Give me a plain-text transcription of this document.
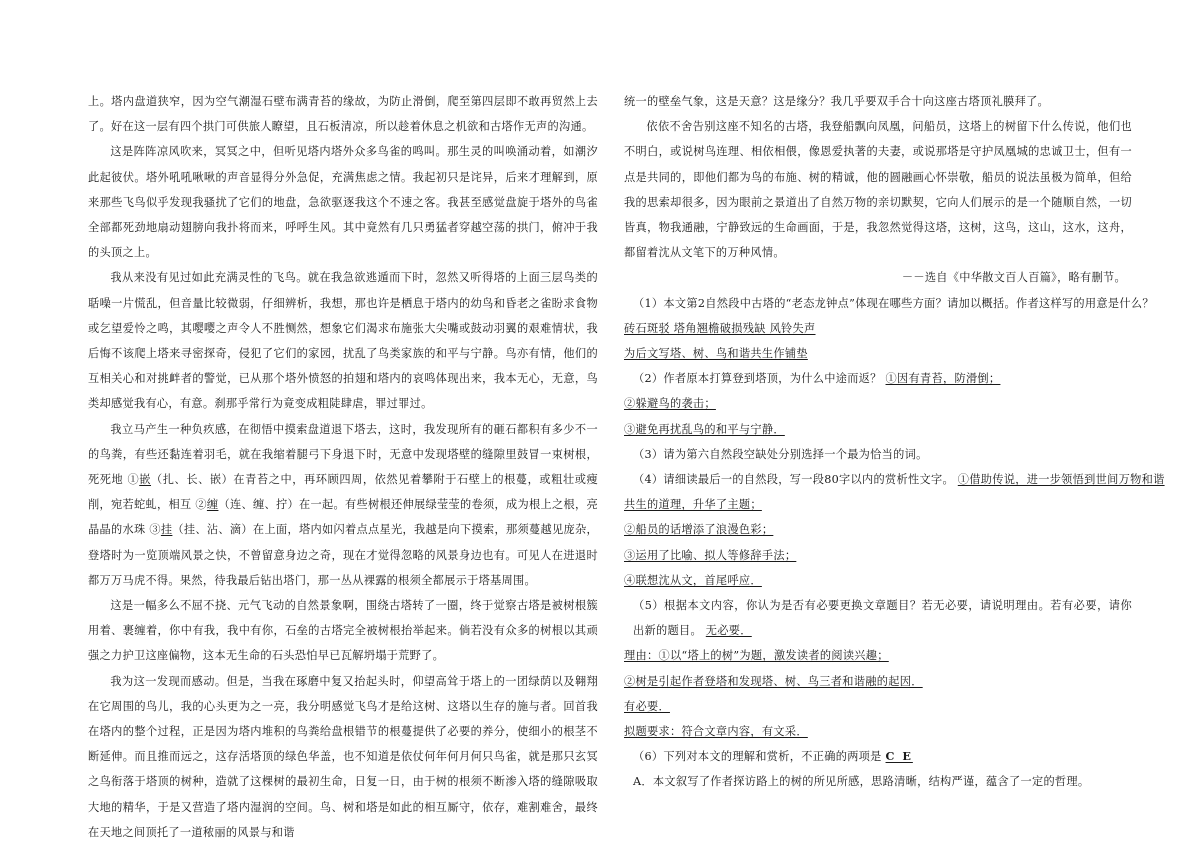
上。塔内盘道狭窄，因为空气潮湿石壁布满青苔的缘故，为防止滑倒，爬至第四层即不敢再贸然上去了。好在这一层有四个拱门可供旅人瞭望，且石板清凉，所以趁着休息之机欲和古塔作无声的沟通。

这是阵阵凉风吹来，冥冥之中，但听见塔内塔外众多鸟雀的鸣叫。那生灵的叫唤涌动着，如潮汐此起彼伏。塔外吼吼啾啾的声音显得分外急促，充满焦虑之情。我起初只是诧异，后来才理解到，原来那些飞鸟似乎发现我骚扰了它们的地盘，急欲驱逐我这个不速之客。我甚至感觉盘旋于塔外的鸟雀全部都死劲地扇动翅膀向我扑将而来，呼呼生风。其中竟然有几只勇猛者穿越空荡的拱门，俯冲于我的头顶之上。

我从来没有见过如此充满灵性的飞鸟。就在我急欲逃遁而下时，忽然又听得塔的上面三层鸟类的聒噪一片慌乱，但音量比较微弱，仔细辨析，我想，那也许是栖息于塔内的幼鸟和昏老之雀盼求食物或乞望爱怜之鸣，其嘤嘤之声令人不胜恻然，想象它们渴求布施张大尖嘴或鼓动羽翼的艰难情状，我后悔不该爬上塔来寻密探奇，侵犯了它们的家园，扰乱了鸟类家族的和平与宁静。鸟亦有情，他们的互相关心和对挑衅者的警觉，已从那个塔外愤怒的拍翅和塔内的哀鸣体现出来，我本无心，无意，鸟类却感觉我有心，有意。刹那乎常行为竟变成粗陡肆虐，罪过罪过。

我立马产生一种负疚感，在彻悟中摸索盘道退下塔去，这时，我发现所有的砸石都积有多少不一的鸟粪，有些还黏连着羽毛，就在我缩着腿弓下身退下时，无意中发现塔壁的缝隙里鼓冒一束树根，死死地 ①嵌（扎、长、嵌）在青苔之中，再环顾四周，依然见着攀附于石壁上的根蔓，或粗壮或瘦削，宛若蛇虬，相互 ②缠（连、缠、拧）在一起。有些树根还伸展绿莹莹的卷须，成为根上之根，亮晶晶的水珠 ③挂（挂、沾、滴）在上面，塔内如闪着点点星光，我越是向下摸索，那须蔓越见庞杂，登塔时为一览顶端风景之快，不曾留意身边之奇，现在才觉得忽略的风景身边也有。可见人在进退时都万万马虎不得。果然，待我最后钻出塔门，那一丛从裸露的根须全都展示于塔基周围。

这是一幅多么不屈不挠、元气飞动的自然景象啊，围绕古塔转了一圈，终于觉察古塔是被树根簇用着、裹缠着，你中有我，我中有你，石垒的古塔完全被树根抬举起来。倘若没有众多的树根以其顽强之力护卫这座偏物，这本无生命的石头恐怕早已瓦解坍塌于荒野了。

我为这一发现而感动。但是，当我在琢磨中复又抬起头时，仰望高耸于塔上的一团绿荫以及翱翔在它周围的鸟儿，我的心头更为之一亮，我分明感觉飞鸟才是给这树、这塔以生存的施与者。回首我在塔内的整个过程，正是因为塔内堆积的鸟粪给盘根错节的根蔓提供了必要的养分，使细小的根茎不断延伸。而且推而远之，这存活塔顶的绿色华盖，也不知道是依仗何年何月何只鸟雀，就是那只玄冥之鸟衔落于塔顶的树种，造就了这棵树的最初生命，日复一日，由于树的根须不断渗入塔的缝隙吸取大地的精华，于是又营造了塔内湿润的空间。鸟、树和塔是如此的相互厮守，依存，难割难舍，最终在天地之间顶托了一道秾丽的风景与和谐

统一的壁垒气象，这是天意？这是缘分？我几乎要双手合十向这座古塔顶礼膜拜了。

依依不舍告别这座不知名的古塔，我登船飘向凤凰，问船员，这塔上的树留下什么传说，他们也不明白，或说树鸟连理、相依相偎，像恩爱执著的夫妻，或说那塔是守护凤凰城的忠诚卫士，但有一点是共同的，即他们都为鸟的布施、树的精诚，他的圆融画心怀崇敬，船员的说法虽极为简单，但给我的思索却很多，因为眼前之景道出了自然万物的亲切默契，它向人们展示的是一个随顺自然，一切皆真，物我通融，宁静致远的生命画面，于是，我忽然觉得这塔，这树，这鸟，这山，这水，这舟，都留着沈从文笔下的万种风情。

－－选自《中华散文百人百篇》，略有删节。

（1）本文第2自然段中古塔的“老态龙钟点”体现在哪些方面？请加以概括。作者这样写的用意是什么？

砖石斑驳 塔角翘檐破损残缺 风铃失声

为后文写塔、树、鸟和谐共生作铺垫

（2）作者原本打算登到塔顶，为什么中途而返？ ①因有青苔，防滑倒；

②躲避鸟的袭击；

③避免再扰乱鸟的和平与宁静．

（3）请为第六自然段空缺处分别选择一个最为恰当的词。

（4）请细读最后一的自然段，写一段80字以内的赏析性文字。 ①借助传说，进一步领悟到世间万物和谐

共生的道理，升华了主题；

②船员的话增添了浪漫色彩；

③运用了比喻、拟人等修辞手法；

④联想沈从文，首尾呼应．

（5）根据本文内容，你认为是否有必要更换文章题目？若无必要，请说明理由。若有必要，请你出新的题目。 无必要．

理由：①以“塔上的树”为题，激发读者的阅读兴趣；

②树是引起作者登塔和发现塔、树、鸟三者和谐融的起因．

有必要．

拟题要求：符合文章内容，有文采．

（6）下列对本文的理解和赏析，不正确的两项是 C E

A．本文叙写了作者探访路上的树的所见所感，思路清晰，结构严谨，蕴含了一定的哲理。
